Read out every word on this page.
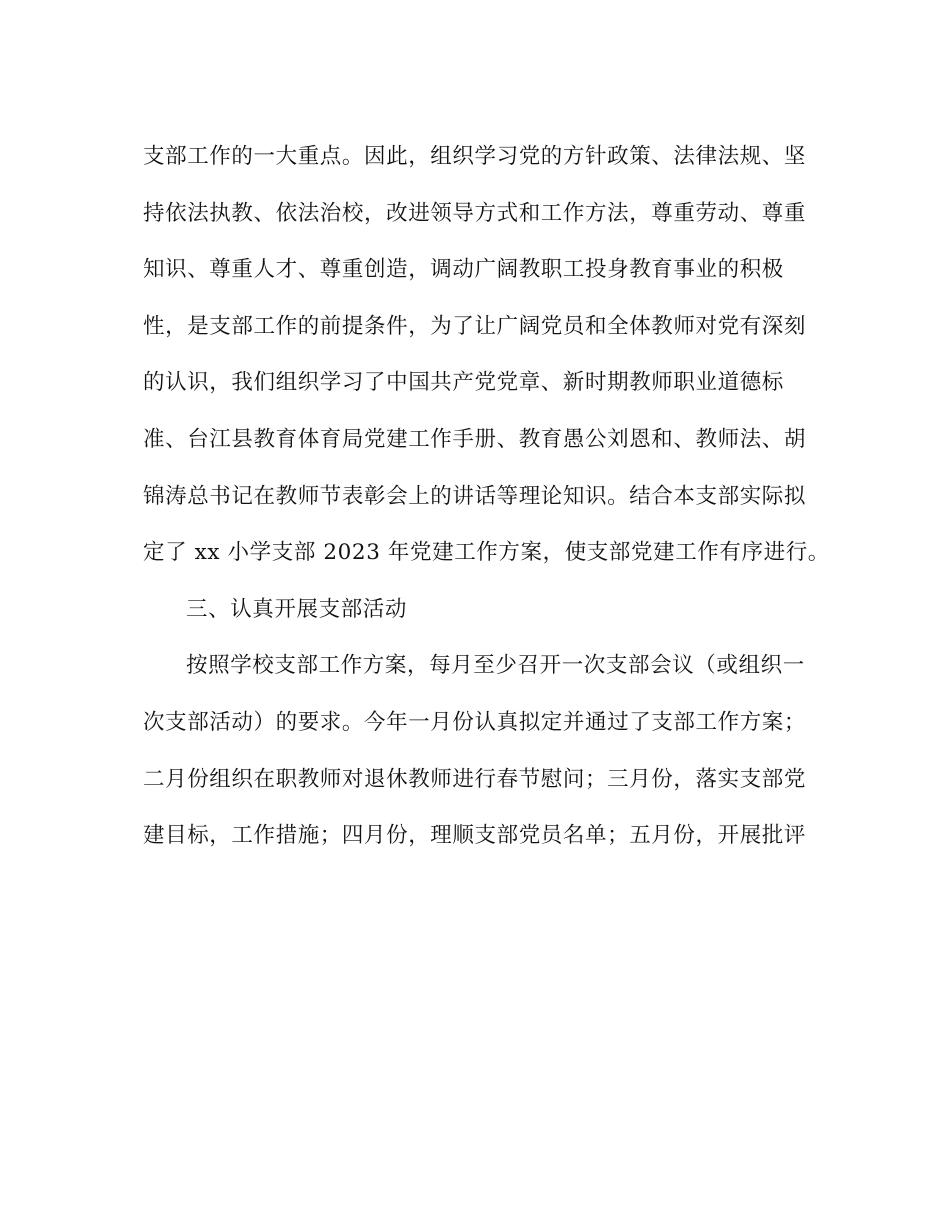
支部工作的一大重点。因此，组织学习党的方针政策、法律法规、坚
持依法执教、依法治校，改进领导方式和工作方法，尊重劳动、尊重
知识、尊重人才、尊重创造，调动广阔教职工投身教育事业的积极
性，是支部工作的前提条件，为了让广阔党员和全体教师对党有深刻
的认识，我们组织学习了中国共产党党章、新时期教师职业道德标
准、台江县教育体育局党建工作手册、教育愚公刘恩和、教师法、胡
锦涛总书记在教师节表彰会上的讲话等理论知识。结合本支部实际拟
定了 xx 小学支部 2023 年党建工作方案，使支部党建工作有序进行。
三、认真开展支部活动
按照学校支部工作方案，每月至少召开一次支部会议（或组织一
次支部活动）的要求。今年一月份认真拟定并通过了支部工作方案；
二月份组织在职教师对退休教师进行春节慰问；三月份，落实支部党
建目标，工作措施；四月份，理顺支部党员名单；五月份，开展批评
